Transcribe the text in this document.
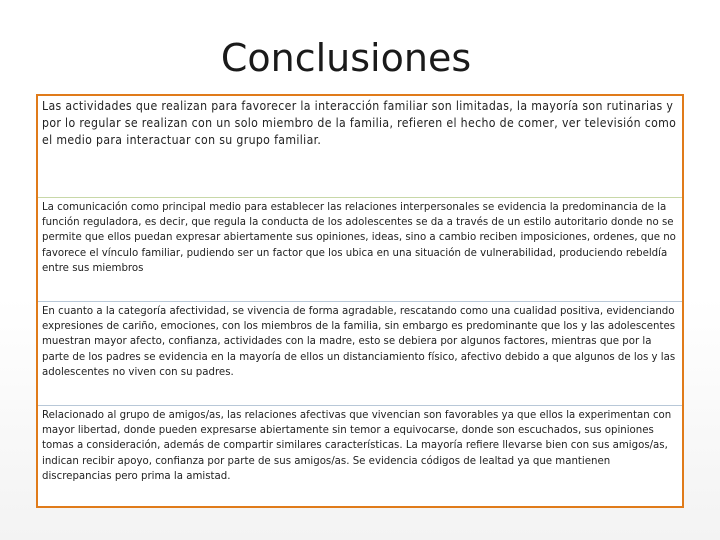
Conclusiones
Las actividades que realizan para favorecer la interacción familiar son limitadas, la mayoría son rutinarias y por lo regular se realizan con un solo miembro de la familia, refieren el hecho de comer, ver televisión como el medio para interactuar con su grupo familiar.
La comunicación como principal medio para establecer las relaciones interpersonales se evidencia la predominancia de la función reguladora, es decir, que regula la conducta de los adolescentes se da a través de un estilo autoritario donde no se permite que ellos puedan expresar abiertamente sus opiniones, ideas, sino a cambio reciben imposiciones, ordenes, que no favorece el vínculo familiar, pudiendo ser un factor que los ubica en una situación de vulnerabilidad, produciendo rebeldía entre sus miembros
En cuanto a la categoría afectividad, se vivencia de forma agradable, rescatando como una cualidad positiva, evidenciando expresiones de cariño, emociones, con los miembros de la familia, sin embargo es predominante que los y las adolescentes muestran mayor afecto, confianza, actividades con la madre, esto se debiera por algunos factores, mientras que por la parte de los padres se evidencia en la mayoría de ellos un distanciamiento físico, afectivo debido a que algunos de los y las adolescentes no viven con su padres.
Relacionado al grupo de amigos/as, las relaciones afectivas que vivencian son favorables ya que ellos la experimentan con mayor libertad, donde pueden expresarse abiertamente sin temor a equivocarse, donde son escuchados, sus opiniones tomas a consideración, además de compartir similares características. La mayoría refiere llevarse bien con sus amigos/as, indican recibir apoyo, confianza por parte de sus amigos/as. Se evidencia códigos de lealtad ya que mantienen discrepancias pero prima la amistad.
